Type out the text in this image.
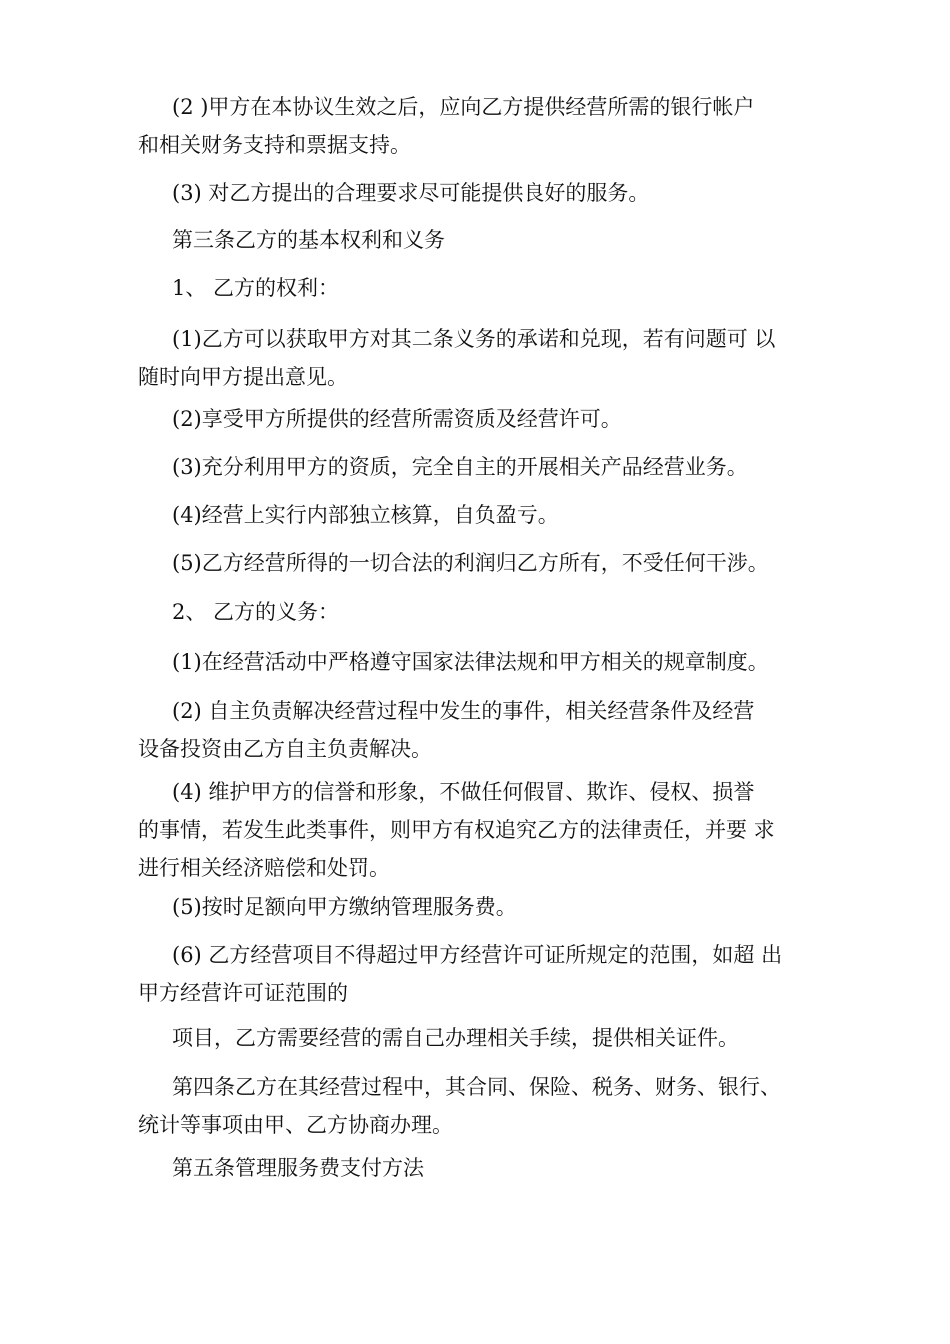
(2 )甲方在本协议生效之后，应向乙方提供经营所需的银行帐户
和相关财务支持和票据支持。
(3) 对乙方提出的合理要求尽可能提供良好的服务。
第三条乙方的基本权利和义务
1、 乙方的权利：
(1)乙方可以获取甲方对其二条义务的承诺和兑现，若有问题可 以
随时向甲方提出意见。
(2)享受甲方所提供的经营所需资质及经营许可。
(3)充分利用甲方的资质，完全自主的开展相关产品经营业务。
(4)经营上实行内部独立核算，自负盈亏。
(5)乙方经营所得的一切合法的利润归乙方所有，不受任何干涉。
2、 乙方的义务：
(1)在经营活动中严格遵守国家法律法规和甲方相关的规章制度。
(2) 自主负责解决经营过程中发生的事件，相关经营条件及经营
设备投资由乙方自主负责解决。
(4) 维护甲方的信誉和形象，不做任何假冒、欺诈、侵权、损誉
的事情，若发生此类事件，则甲方有权追究乙方的法律责任，并要 求
进行相关经济赔偿和处罚。
(5)按时足额向甲方缴纳管理服务费。
(6) 乙方经营项目不得超过甲方经营许可证所规定的范围，如超 出
甲方经营许可证范围的
项目，乙方需要经营的需自己办理相关手续，提供相关证件。
第四条乙方在其经营过程中，其合同、保险、税务、财务、银行、
统计等事项由甲、乙方协商办理。
第五条管理服务费支付方法
